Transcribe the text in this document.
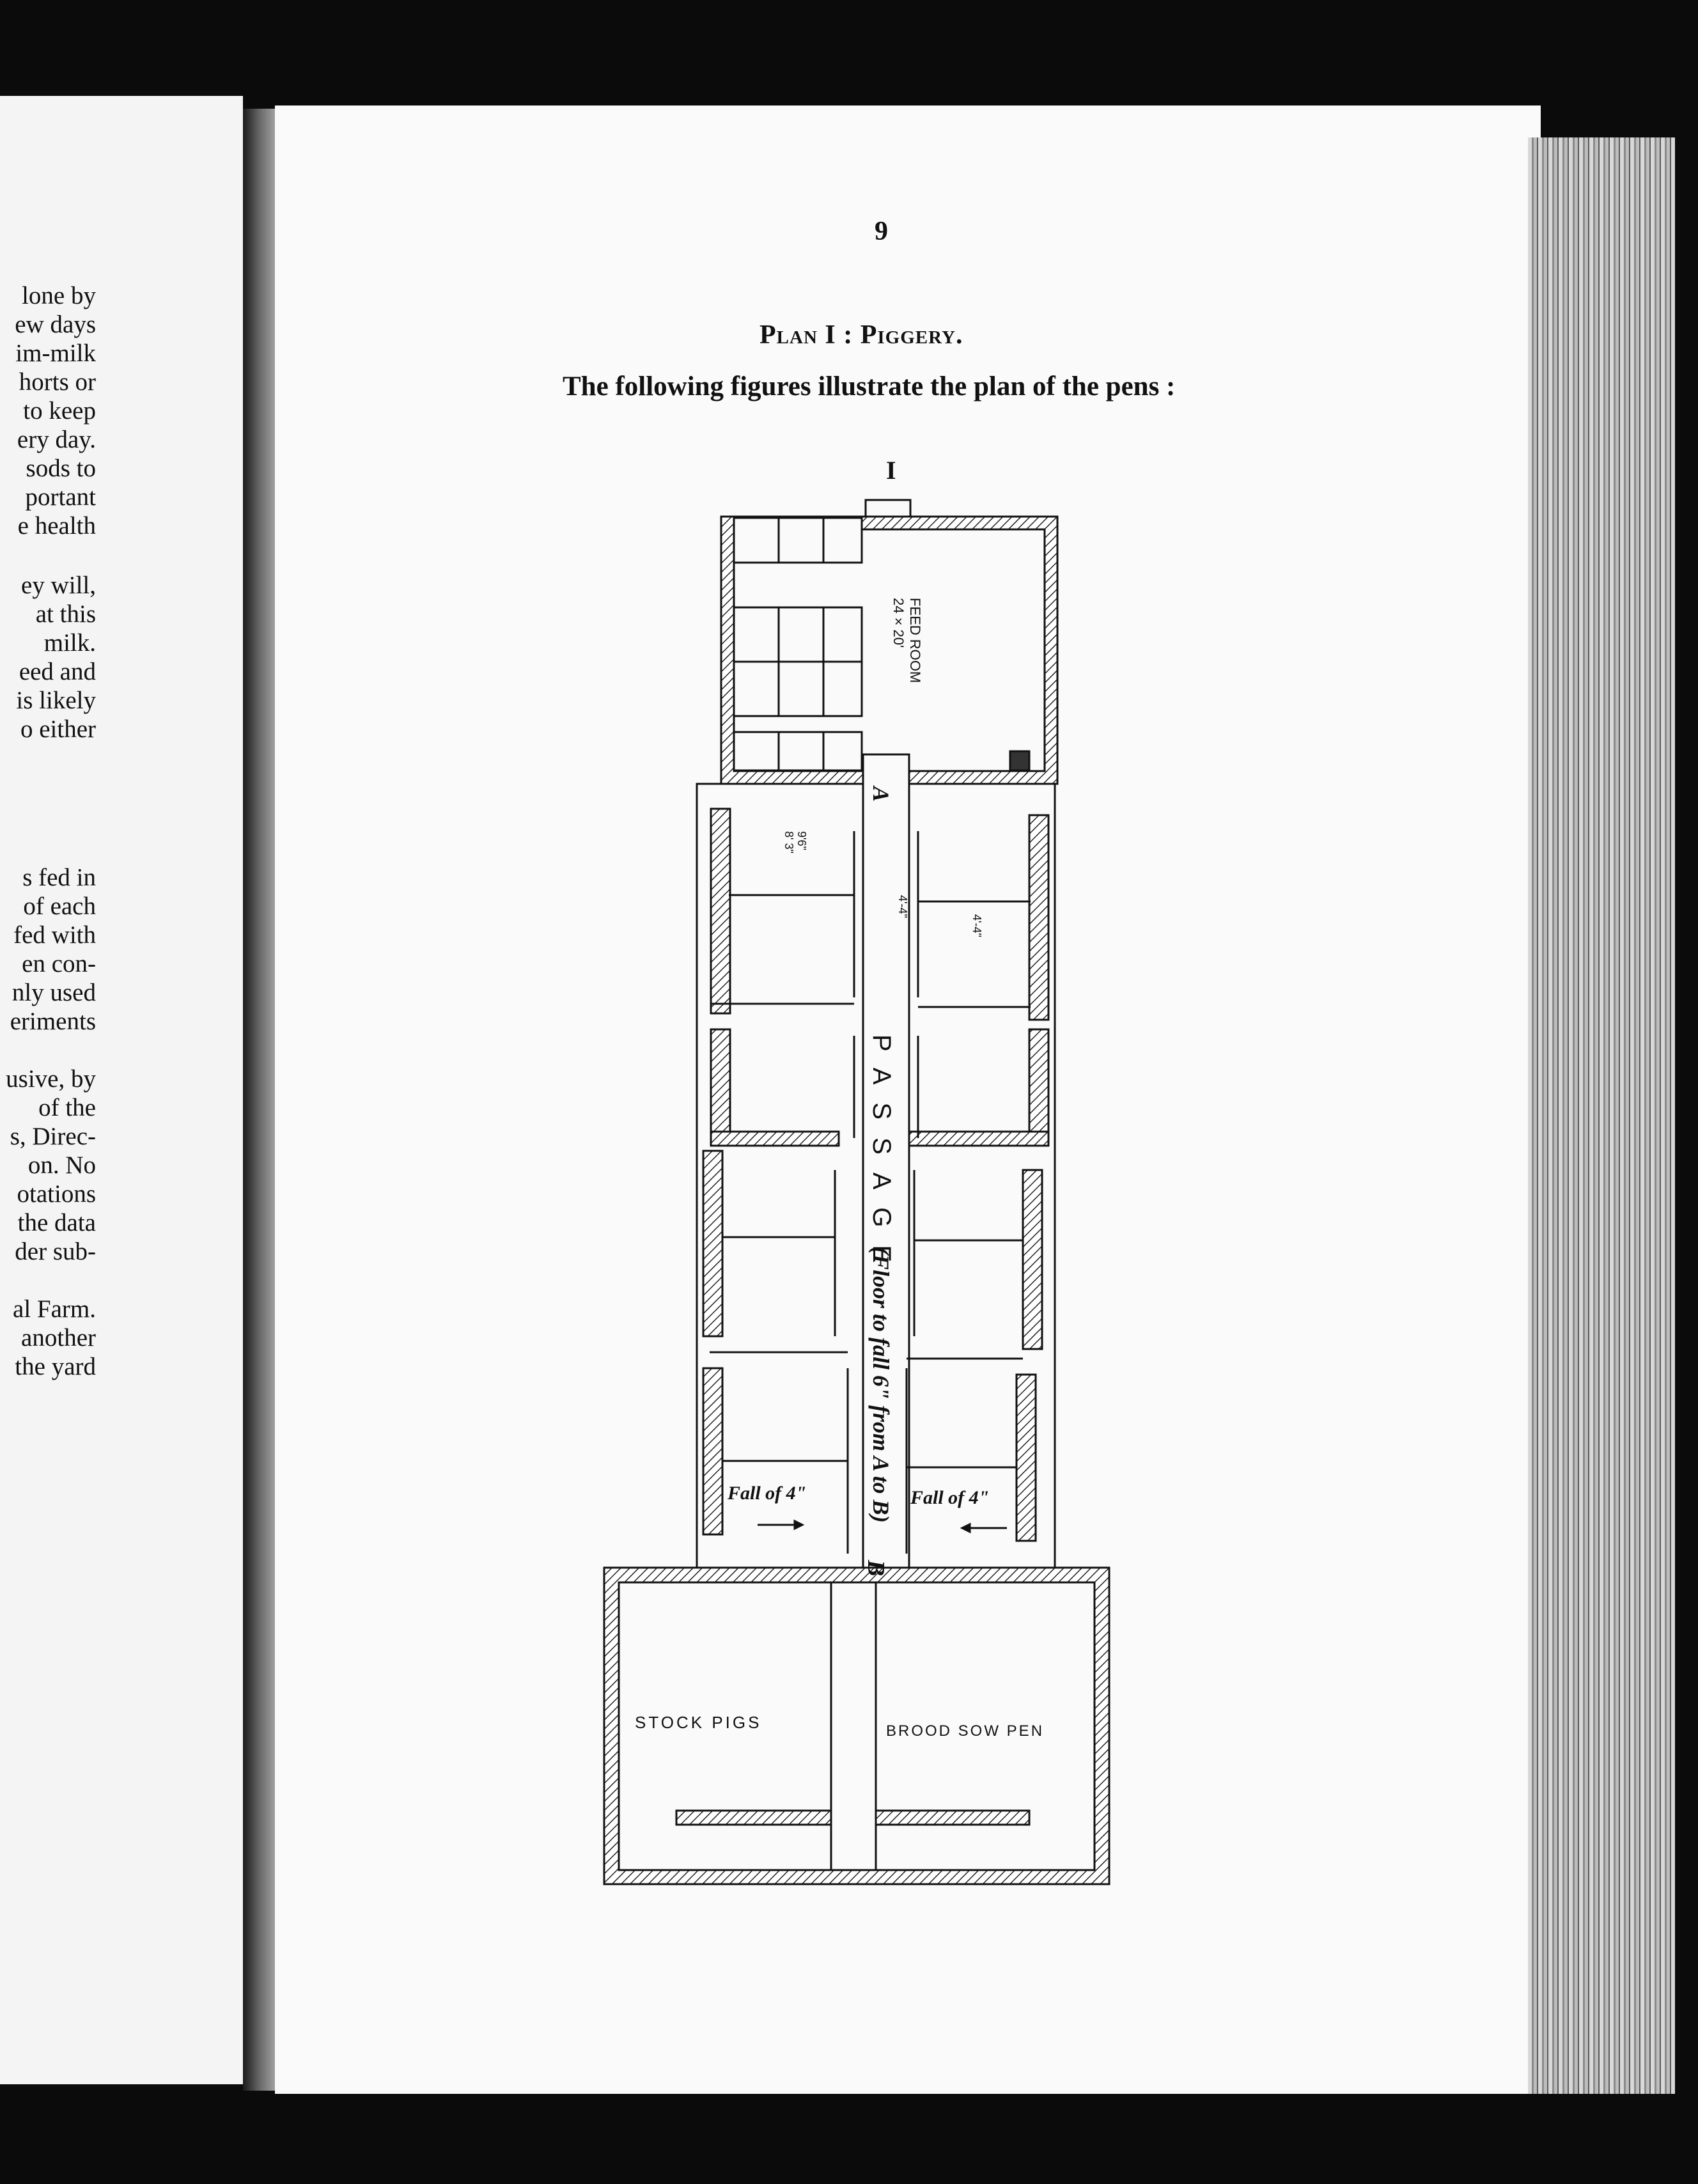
lone by
ew days
im-milk
horts or
to keep
ery day.
sods to
portant
e health
ey will,
at this
milk.
eed and
is likely
o either
s fed in
of each
fed with
en con-
nly used
eriments
usive, by
of the
s, Direc-
on. No
otations
the data
der sub-
al Farm.
another
the yard
9
Plan I : Piggery.
The following figures illustrate the plan of the pens :
I
FEED ROOM
24 × 20'
9'6"
8' 3"
4'-4"
4'-4"
A
PASSAGE
(Floor to fall 6" from A to B)
B
Fall of 4"	Fall of 4"
STOCK PIGS	BROOD SOW PEN
